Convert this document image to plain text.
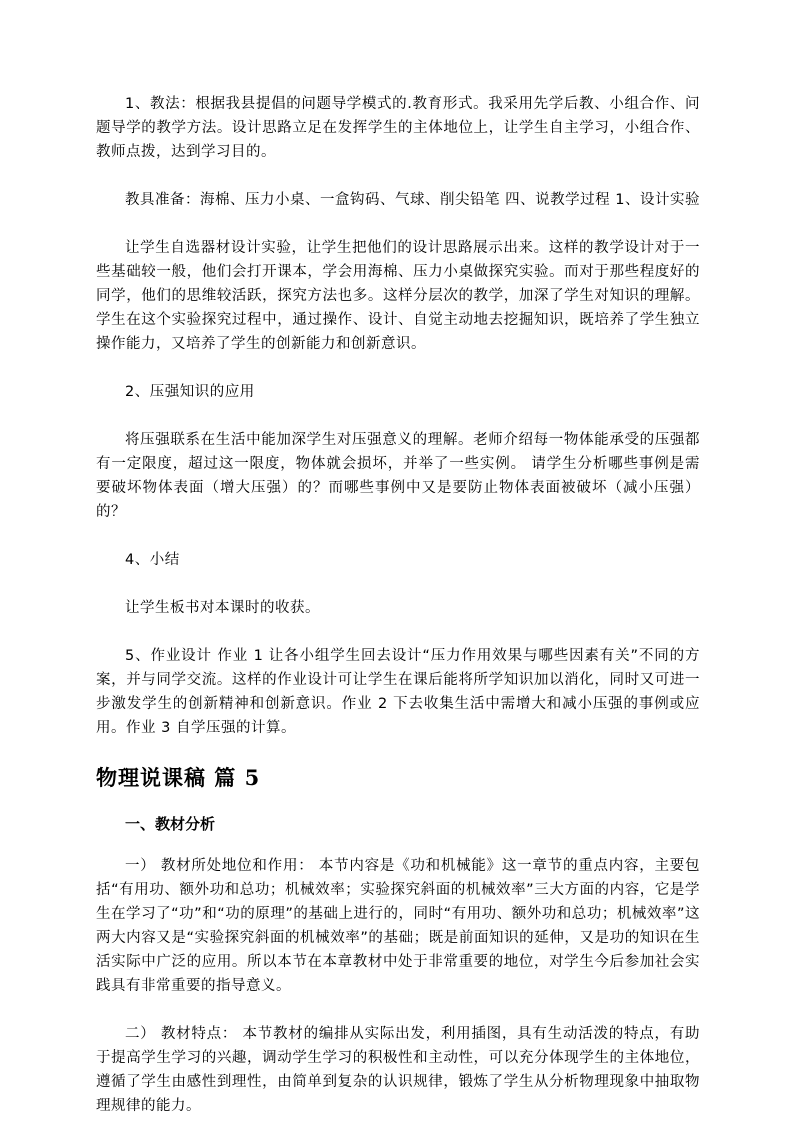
1、教法：根据我县提倡的问题导学模式的.教育形式。我采用先学后教、小组合作、问题导学的教学方法。设计思路立足在发挥学生的主体地位上，让学生自主学习，小组合作、教师点拨，达到学习目的。

教具准备：海棉、压力小桌、一盒钩码、气球、削尖铅笔 四、说教学过程 1、设计实验

让学生自选器材设计实验，让学生把他们的设计思路展示出来。这样的教学设计对于一些基础较一般，他们会打开课本，学会用海棉、压力小桌做探究实验。而对于那些程度好的同学，他们的思维较活跃，探究方法也多。这样分层次的教学，加深了学生对知识的理解。学生在这个实验探究过程中，通过操作、设计、自觉主动地去挖掘知识，既培养了学生独立操作能力，又培养了学生的创新能力和创新意识。

2、压强知识的应用

将压强联系在生活中能加深学生对压强意义的理解。老师介绍每一物体能承受的压强都有一定限度，超过这一限度，物体就会损坏，并举了一些实例。 请学生分析哪些事例是需要破坏物体表面（增大压强）的？而哪些事例中又是要防止物体表面被破坏（减小压强）的？

4、小结

让学生板书对本课时的收获。

5、作业设计 作业 1 让各小组学生回去设计“压力作用效果与哪些因素有关”不同的方案，并与同学交流。这样的作业设计可让学生在课后能将所学知识加以消化，同时又可进一步激发学生的创新精神和创新意识。作业 2 下去收集生活中需增大和减小压强的事例或应用。作业 3 自学压强的计算。

物理说课稿 篇 5
一、教材分析

一） 教材所处地位和作用： 本节内容是《功和机械能》这一章节的重点内容，主要包括“有用功、额外功和总功；机械效率；实验探究斜面的机械效率”三大方面的内容，它是学生在学习了“功”和“功的原理”的基础上进行的，同时“有用功、额外功和总功；机械效率”这两大内容又是“实验探究斜面的机械效率”的基础；既是前面知识的延伸，又是功的知识在生活实际中广泛的应用。所以本节在本章教材中处于非常重要的地位，对学生今后参加社会实践具有非常重要的指导意义。

二） 教材特点： 本节教材的编排从实际出发，利用插图，具有生动活泼的特点，有助于提高学生学习的兴趣，调动学生学习的积极性和主动性，可以充分体现学生的主体地位，遵循了学生由感性到理性，由简单到复杂的认识规律，锻炼了学生从分析物理现象中抽取物理规律的能力。
